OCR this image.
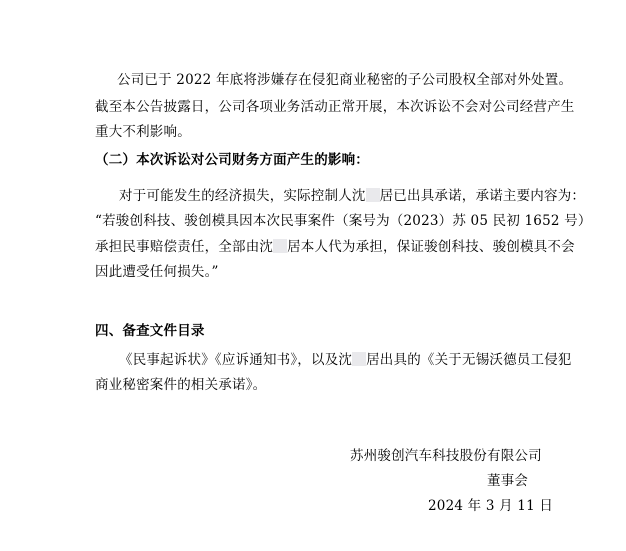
公司已于 2022 年底将涉嫌存在侵犯商业秘密的子公司股权全部对外处置。
截至本公告披露日，公司各项业务活动正常开展，本次诉讼不会对公司经营产生
重大不利影响。
（二）本次诉讼对公司财务方面产生的影响：
对于可能发生的经济损失，实际控制人沈 居已出具承诺，承诺主要内容为：
“若骏创科技、骏创模具因本次民事案件（案号为（2023）苏 05 民初 1652 号）
承担民事赔偿责任，全部由沈 居本人代为承担，保证骏创科技、骏创模具不会
因此遭受任何损失。”
四、备查文件目录
《民事起诉状》《应诉通知书》，以及沈 居出具的《关于无锡沃德员工侵犯
商业秘密案件的相关承诺》。
苏州骏创汽车科技股份有限公司
董事会
2024 年 3 月 11 日
